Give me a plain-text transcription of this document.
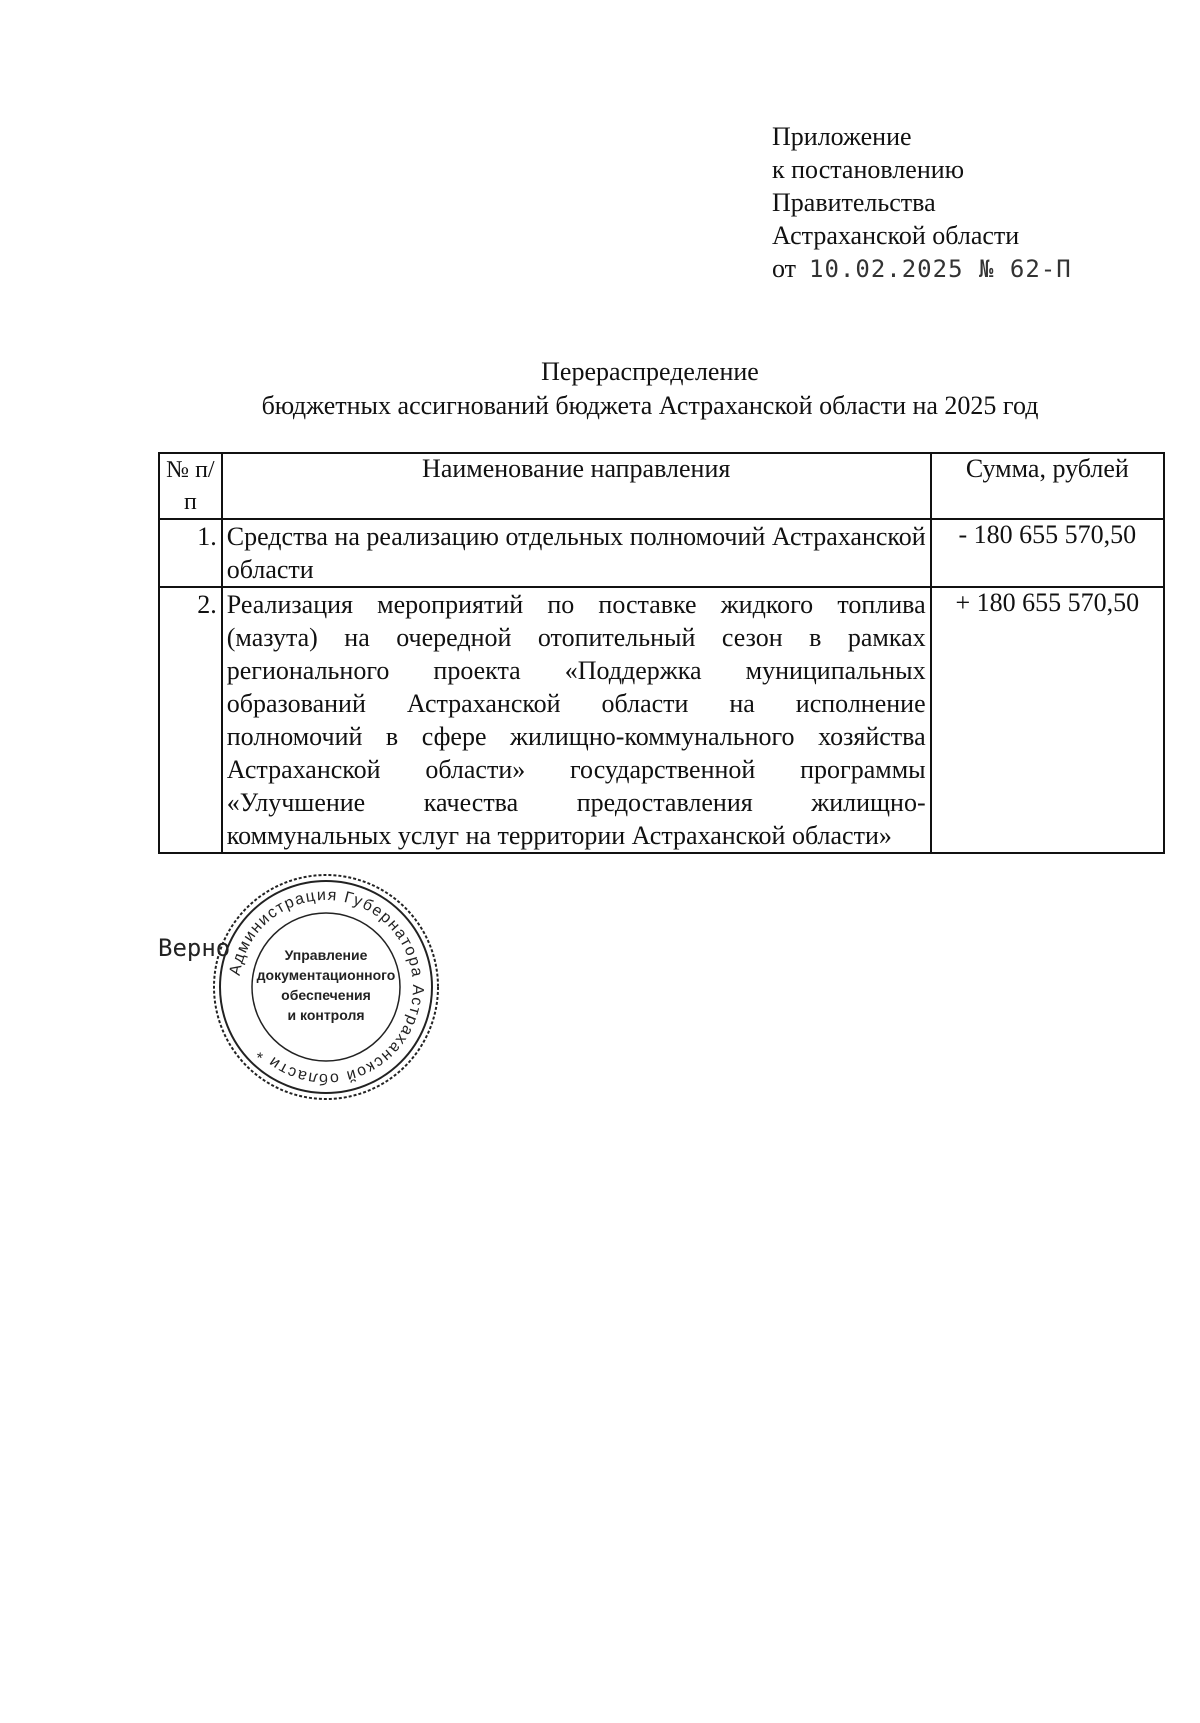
Приложение
к постановлению
Правительства
Астраханской области
от 10.02.2025 № 62-П
Перераспределение
бюджетных ассигнований бюджета Астраханской области на 2025 год
№ п/п	Наименование направления	Сумма, рублей
1.	Средства на реализацию отдельных полномочий Астраханской области	- 180 655 570,50
2.	Реализация мероприятий по поставке жидкого топлива (мазута) на очередной отопительный сезон в рамках регионального проекта «Поддержка муниципальных образований Астраханской области на исполнение полномочий в сфере жилищно-коммунального хозяйства Астраханской области» государственной программы «Улучшение качества предоставления жилищно-коммунальных услуг на территории Астраханской области»	+ 180 655 570,50
Верно
Администрация Губернатора Астраханской области *
Управление
документационного
обеспечения
и контроля
